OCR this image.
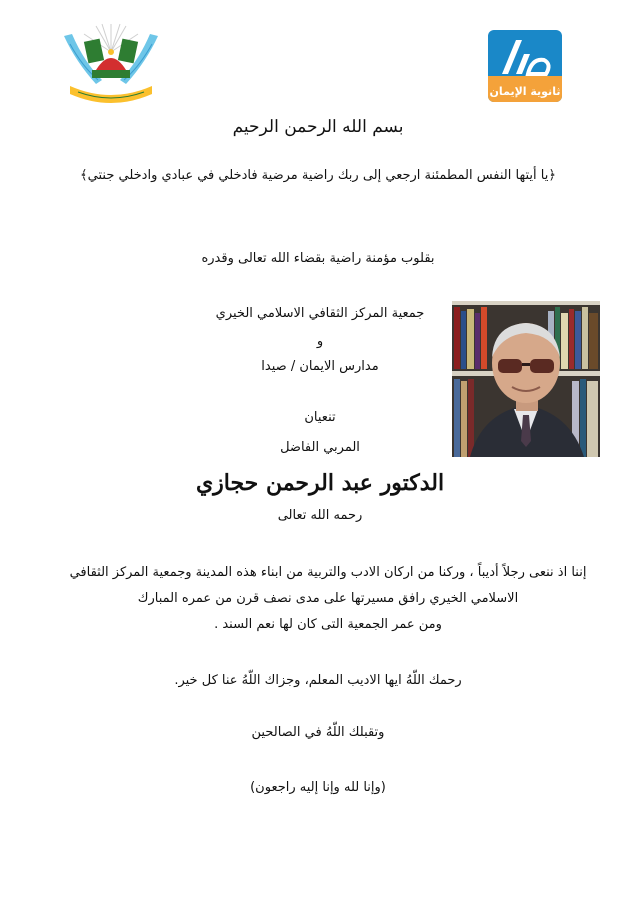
ثانوية الإيمان
بسم الله الرحمن الرحيم
﴿يا أيتها النفس المطمئنة ارجعي إلى ربك راضية مرضية فادخلي في عبادي وادخلي جنتي﴾
بقلوب مؤمنة راضية بقضاء الله تعالى وقدره
جمعية المركز الثقافي الاسلامي الخيري
و
مدارس الايمان / صيدا
تنعيان
المربي الفاضل
الدكتور عبد الرحمن حجازي
رحمه الله تعالى
إننا اذ ننعى رجلاً أديباً ، وركنا من اركان الادب والتربية من ابناء هذه المدينة وجمعية المركز الثقافي
الاسلامي الخيري رافق مسيرتها على مدى نصف قرن من عمره المبارك
ومن عمر الجمعية التى كان لها نعم السند .
رحمك اللّهُ ايها الاديب المعلم، وجزاك اللّهُ عنا كل خير.
وتقبلك اللّهُ في الصالحين
(وإنا لله وإنا إليه راجعون)
